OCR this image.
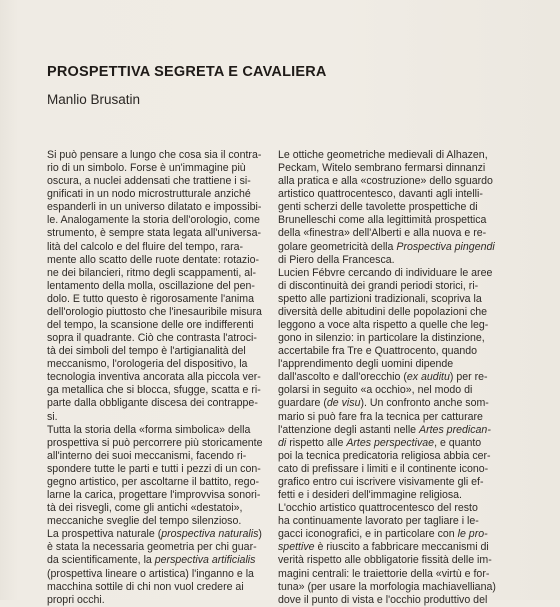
PROSPETTIVA SEGRETA E CAVALIERA
Manlio Brusatin
Si può pensare a lungo che cosa sia il contra-
rio di un simbolo. Forse è un'immagine più
oscura, a nuclei addensati che trattiene i si-
gnificati in un nodo microstrutturale anziché
espanderli in un universo dilatato e impossibi-
le. Analogamente la storia dell'orologio, come
strumento, è sempre stata legata all'universa-
lità del calcolo e del fluire del tempo, rara-
mente allo scatto delle ruote dentate: rotazio-
ne dei bilancieri, ritmo degli scappamenti, al-
lentamento della molla, oscillazione del pen-
dolo. E tutto questo è rigorosamente l'anima
dell'orologio piuttosto che l'inesauribile misura
del tempo, la scansione delle ore indifferenti
sopra il quadrante. Ciò che contrasta l'atroci-
tà dei simboli del tempo è l'artigianalità del
meccanismo, l'orologeria del dispositivo, la
tecnologia inventiva ancorata alla piccola ver-
ga metallica che si blocca, sfugge, scatta e ri-
parte dalla obbligante discesa dei contrappe-
si.
Tutta la storia della «forma simbolica» della
prospettiva si può percorrere più storicamente
all'interno dei suoi meccanismi, facendo ri-
spondere tutte le parti e tutti i pezzi di un con-
gegno artistico, per ascoltarne il battito, rego-
larne la carica, progettare l'improvvisa sonori-
tà dei risvegli, come gli antichi «destatoi»,
meccaniche sveglie del tempo silenzioso.
La prospettiva naturale (prospectiva naturalis)
è stata la necessaria geometria per chi guar-
da scientificamente, la perspectiva artificialis
(prospettiva lineare o artistica) l'inganno e la
macchina sottile di chi non vuol credere ai
propri occhi.
Le ottiche geometriche medievali di Alhazen,
Peckam, Witelo sembrano fermarsi dinnanzi
alla pratica e alla «costruzione» dello sguardo
artistico quattrocentesco, davanti agli intelli-
genti scherzi delle tavolette prospettiche di
Brunelleschi come alla legittimità prospettica
della «finestra» dell'Alberti e alla nuova e re-
golare geometricità della Prospectiva pingendi
di Piero della Francesca.
Lucien Fébvre cercando di individuare le aree
di discontinuità dei grandi periodi storici, ri-
spetto alle partizioni tradizionali, scopriva la
diversità delle abitudini delle popolazioni che
leggono a voce alta rispetto a quelle che leg-
gono in silenzio: in particolare la distinzione,
accertabile fra Tre e Quattrocento, quando
l'apprendimento degli uomini dipende
dall'ascolto e dall'orecchio (ex auditu) per re-
golarsi in seguito «a occhio», nel modo di
guardare (de visu). Un confronto anche som-
mario si può fare fra la tecnica per catturare
l'attenzione degli astanti nelle Artes predican-
di rispetto alle Artes perspectivae, e quanto
poi la tecnica predicatoria religiosa abbia cer-
cato di prefissare i limiti e il continente icono-
grafico entro cui iscrivere visivamente gli ef-
fetti e i desideri dell'immagine religiosa.
L'occhio artistico quattrocentesco del resto
ha continuamente lavorato per tagliare i le-
gacci iconografici, e in particolare con le pro-
spettive è riuscito a fabbricare meccanismi di
verità rispetto alle obbligatorie fissità delle im-
magini centrali: le traiettorie della «virtù e for-
tuna» (per usare la morfologia machiavelliana)
dove il punto di vista e l'occhio produttivo del
